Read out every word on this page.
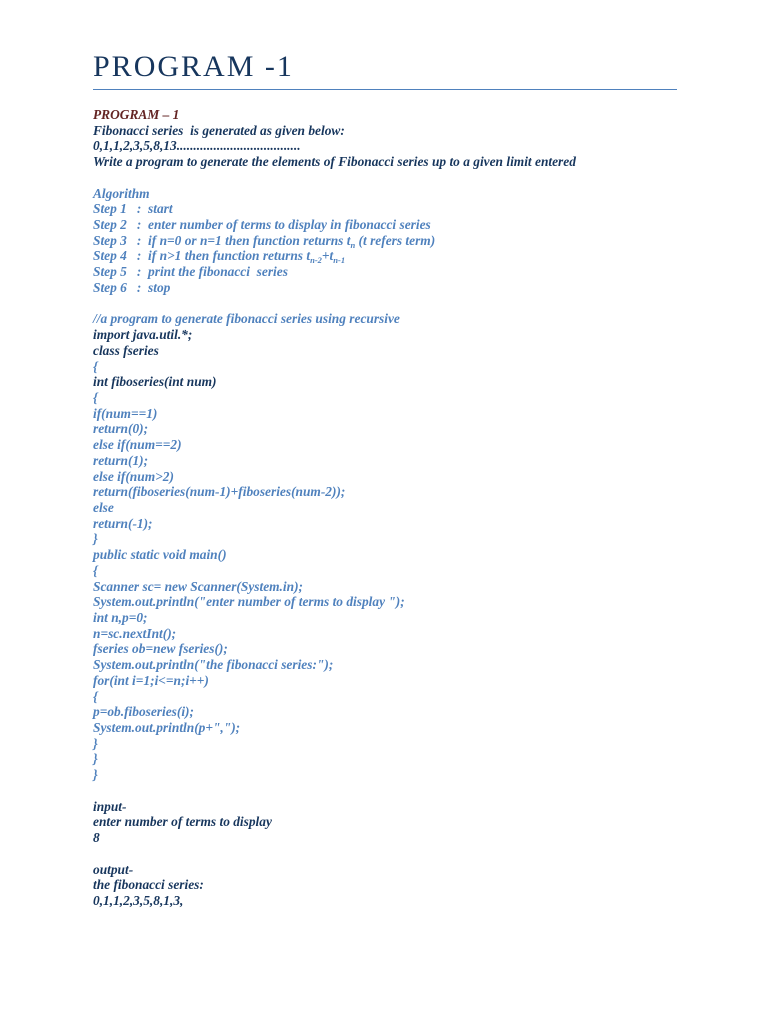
PROGRAM -1
PROGRAM – 1
Fibonacci series  is generated as given below:
0,1,1,2,3,5,8,13.....................................
Write a program to generate the elements of Fibonacci series up to a given limit entered
Algorithm
Step 1   :  start
Step 2   :  enter number of terms to display in fibonacci series
Step 3   :  if n=0 or n=1 then function returns $t_n$ (t refers term)
Step 4   :  if n>1 then function returns $t_{n-2}+t_{n-1}$
Step 5   :  print the fibonacci  series
Step 6   :  stop
//a program to generate fibonacci series using recursive
import java.util.*;
class fseries
{
int fiboseries(int num)
{
if(num==1)
return(0);
else if(num==2)
return(1);
else if(num>2)
return(fiboseries(num-1)+fiboseries(num-2));
else
return(-1);
}
public static void main()
{
Scanner sc= new Scanner(System.in);
System.out.println("enter number of terms to display ");
int n,p=0;
n=sc.nextInt();
fseries ob=new fseries();
System.out.println("the fibonacci series:");
for(int i=1;i<=n;i++)
{
p=ob.fiboseries(i);
System.out.println(p+",");
}
}
}
input-
enter number of terms to display
8
output-
the fibonacci series:
0,1,1,2,3,5,8,1,3,
